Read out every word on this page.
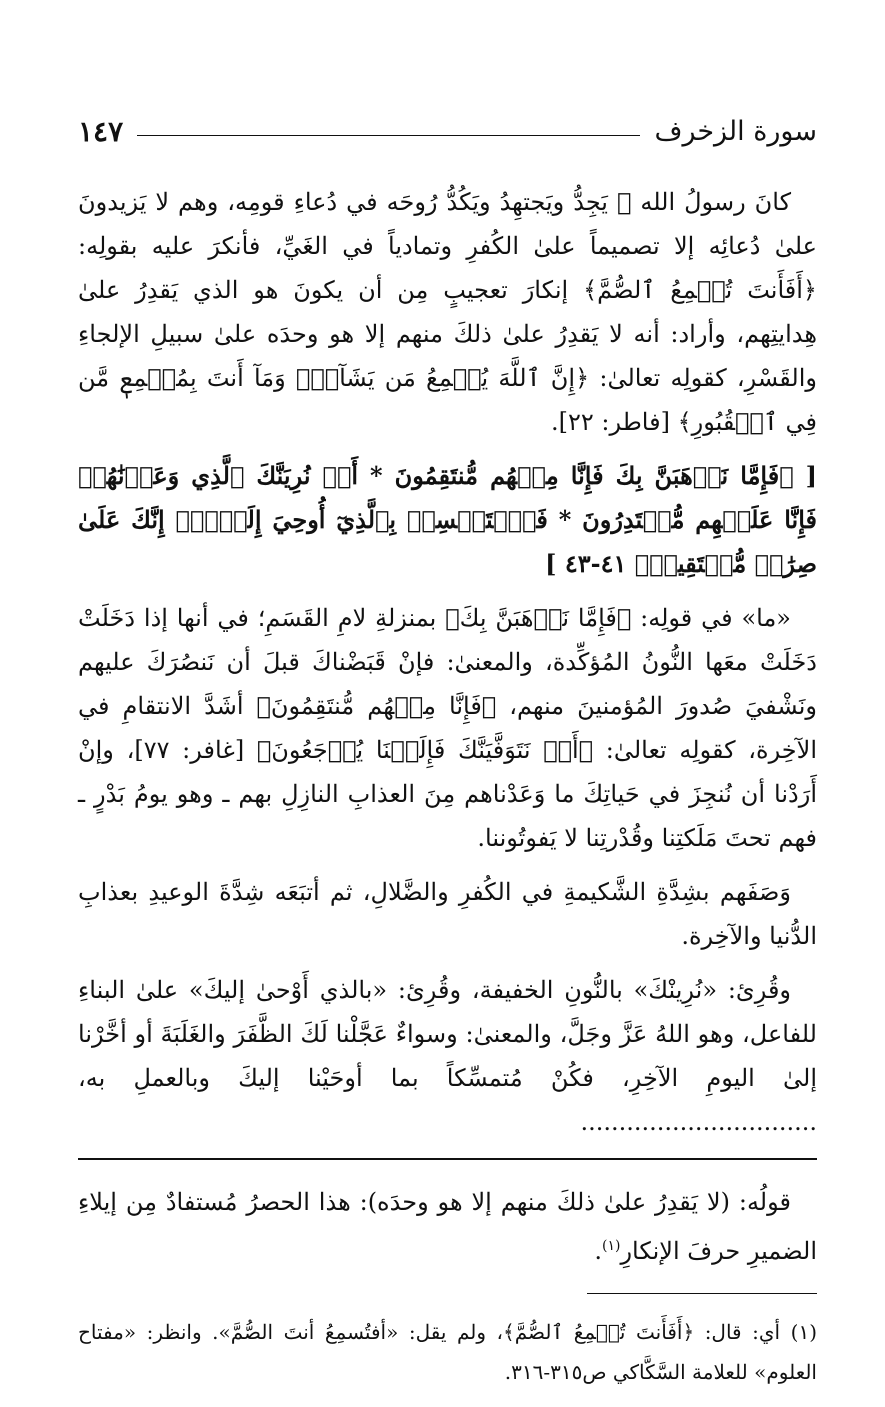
سورة الزخرف
١٤٧

كانَ رسولُ الله ﷺ يَجِدُّ ويَجتهِدُ ويَكُدُّ رُوحَه في دُعاءِ قومِه، وهم لا يَزيدونَ علىٰ دُعائِه إلا تصميماً علىٰ الكُفرِ وتمادياً في الغَيِّ، فأنكرَ عليه بقولِه: ﴿أَفَأَنتَ تُسۡمِعُ ٱلصُّمَّ﴾ إنكارَ تعجيبٍ مِن أن يكونَ هو الذي يَقدِرُ علىٰ هِدايتِهم، وأراد: أنه لا يَقدِرُ علىٰ ذلكَ منهم إلا هو وحدَه علىٰ سبيلِ الإلجاءِ والقَسْرِ، كقولِه تعالىٰ: ﴿إِنَّ ٱللَّهَ يُسۡمِعُ مَن يَشَآءُۖ وَمَآ أَنتَ بِمُسۡمِعٖ مَّن فِي ٱلۡقُبُورِ﴾ [فاطر: ٢٢].

[ ﴿فَإِمَّا نَذۡهَبَنَّ بِكَ فَإِنَّا مِنۡهُم مُّنتَقِمُونَ * أَوۡ نُرِيَنَّكَ ٱلَّذِي وَعَدۡنَٰهُمۡ فَإِنَّا عَلَيۡهِم مُّقۡتَدِرُونَ * فَٱسۡتَمۡسِكۡ بِٱلَّذِيٓ أُوحِيَ إِلَيۡكَۖ إِنَّكَ عَلَىٰ صِرَٰطٖ مُّسۡتَقِيمٖ﴾ ٤١-٤٣ ]

«ما» في قولِه: ﴿فَإِمَّا نَذۡهَبَنَّ بِكَ﴾ بمنزلةِ لامِ القَسَمِ؛ في أنها إذا دَخَلَتْ دَخَلَتْ معَها النُّونُ المُؤكِّدة، والمعنىٰ: فإنْ قَبَضْناكَ قبلَ أن نَنصُرَكَ عليهم ونَشْفيَ صُدورَ المُؤمنينَ منهم، ﴿فَإِنَّا مِنۡهُم مُّنتَقِمُونَ﴾ أشَدَّ الانتقامِ في الآخِرة، كقولِه تعالىٰ: ﴿أَوۡ نَتَوَفَّيَنَّكَ فَإِلَيۡنَا يُرۡجَعُونَ﴾ [غافر: ٧٧]، وإنْ أَرَدْنا أن نُنجِزَ في حَياتِكَ ما وَعَدْناهم مِنَ العذابِ النازِلِ بهم ـ وهو يومُ بَدْرٍ ـ فهم تحتَ مَلَكتِنا وقُدْرتِنا لا يَفوتُوننا.

وَصَفَهم بشِدَّةِ الشَّكيمةِ في الكُفرِ والضَّلالِ، ثم أتبَعَه شِدَّةَ الوعيدِ بعذابِ الدُّنيا والآخِرة.

وقُرِئ: «نُرِينْكَ» بالنُّونِ الخفيفة، وقُرِئ: «بالذي أَوْحىٰ إليكَ» علىٰ البناءِ للفاعل، وهو اللهُ عَزَّ وجَلَّ، والمعنىٰ: وسواءٌ عَجَّلْنا لَكَ الظَّفَرَ والغَلَبَةَ أو أخَّرْنا إلىٰ اليومِ الآخِرِ، فكُنْ مُتمسِّكاً بما أوحَيْنا إليكَ وبالعملِ به، ...............................

قولُه: (لا يَقدِرُ علىٰ ذلكَ منهم إلا هو وحدَه): هذا الحصرُ مُستفادٌ مِن إيلاءِ الضميرِ حرفَ الإنكارِ$^{(١)}$.
(١) أي: قال: ﴿أَفَأَنتَ تُسۡمِعُ ٱلصُّمَّ﴾، ولم يقل: «أفتُسمِعُ أنتَ الصُّمَّ». وانظر: «مفتاح العلوم» للعلامة السَّكَّاكي ص٣١٥-٣١٦.
